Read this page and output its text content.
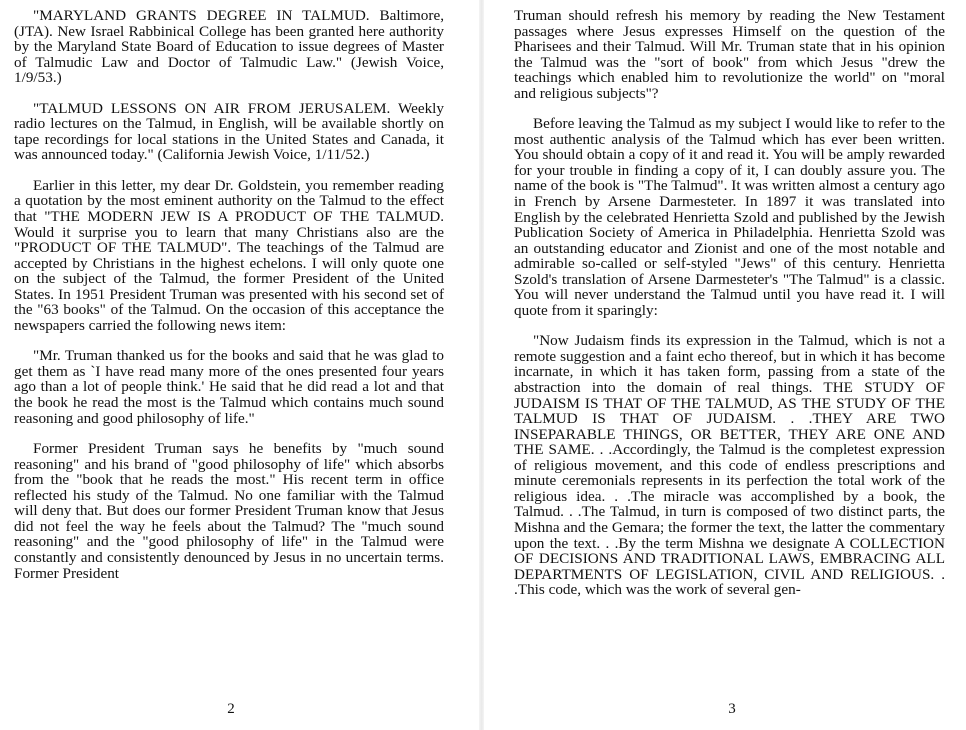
"MARYLAND GRANTS DEGREE IN TALMUD. Baltimore, (JTA). New Israel Rabbinical College has been granted here authority by the Maryland State Board of Education to issue degrees of Master of Talmudic Law and Doctor of Talmudic Law." (Jewish Voice, 1/9/53.)

"TALMUD LESSONS ON AIR FROM JERUSALEM. Weekly radio lectures on the Talmud, in English, will be available shortly on tape recordings for local stations in the United States and Canada, it was announced today." (California Jewish Voice, 1/11/52.)

Earlier in this letter, my dear Dr. Goldstein, you remember reading a quotation by the most eminent authority on the Talmud to the effect that "THE MODERN JEW IS A PRODUCT OF THE TALMUD. Would it surprise you to learn that many Christians also are the "PRODUCT OF THE TALMUD". The teachings of the Talmud are accepted by Christians in the highest echelons. I will only quote one on the subject of the Talmud, the former President of the United States. In 1951 President Truman was presented with his second set of the "63 books" of the Talmud. On the occasion of this acceptance the newspapers carried the following news item:

"Mr. Truman thanked us for the books and said that he was glad to get them as `I have read many more of the ones presented four years ago than a lot of people think.' He said that he did read a lot and that the book he read the most is the Talmud which contains much sound reasoning and good philosophy of life."

Former President Truman says he benefits by "much sound reasoning" and his brand of "good philosophy of life" which absorbs from the "book that he reads the most." His recent term in office reflected his study of the Talmud. No one familiar with the Talmud will deny that. But does our former President Truman know that Jesus did not feel the way he feels about the Talmud? The "much sound reasoning" and the "good philosophy of life" in the Talmud were constantly and consistently denounced by Jesus in no uncertain terms. Former President

2

Truman should refresh his memory by reading the New Testament passages where Jesus expresses Himself on the question of the Pharisees and their Talmud. Will Mr. Truman state that in his opinion the Talmud was the "sort of book" from which Jesus "drew the teachings which enabled him to revolutionize the world" on "moral and religious subjects"?

Before leaving the Talmud as my subject I would like to refer to the most authentic analysis of the Talmud which has ever been written. You should obtain a copy of it and read it. You will be amply rewarded for your trouble in finding a copy of it, I can doubly assure you. The name of the book is "The Talmud". It was written almost a century ago in French by Arsene Darmesteter. In 1897 it was translated into English by the celebrated Henrietta Szold and published by the Jewish Publication Society of America in Philadelphia. Henrietta Szold was an outstanding educator and Zionist and one of the most notable and admirable so-called or self-styled "Jews" of this century. Henrietta Szold's translation of Arsene Darmesteter's "The Talmud" is a classic. You will never understand the Talmud until you have read it. I will quote from it sparingly:

"Now Judaism finds its expression in the Talmud, which is not a remote suggestion and a faint echo thereof, but in which it has become incarnate, in which it has taken form, passing from a state of the abstraction into the domain of real things. THE STUDY OF JUDAISM IS THAT OF THE TALMUD, AS THE STUDY OF THE TALMUD IS THAT OF JUDAISM. . .THEY ARE TWO INSEPARABLE THINGS, OR BETTER, THEY ARE ONE AND THE SAME. . .Accordingly, the Talmud is the completest expression of religious movement, and this code of endless prescriptions and minute ceremonials represents in its perfection the total work of the religious idea. . .The miracle was accomplished by a book, the Talmud. . .The Talmud, in turn is composed of two distinct parts, the Mishna and the Gemara; the former the text, the latter the commentary upon the text. . .By the term Mishna we designate A COLLECTION OF DECISIONS AND TRADITIONAL LAWS, EMBRACING ALL DEPARTMENTS OF LEGISLATION, CIVIL AND RELIGIOUS. . .This code, which was the work of several gen-

3
